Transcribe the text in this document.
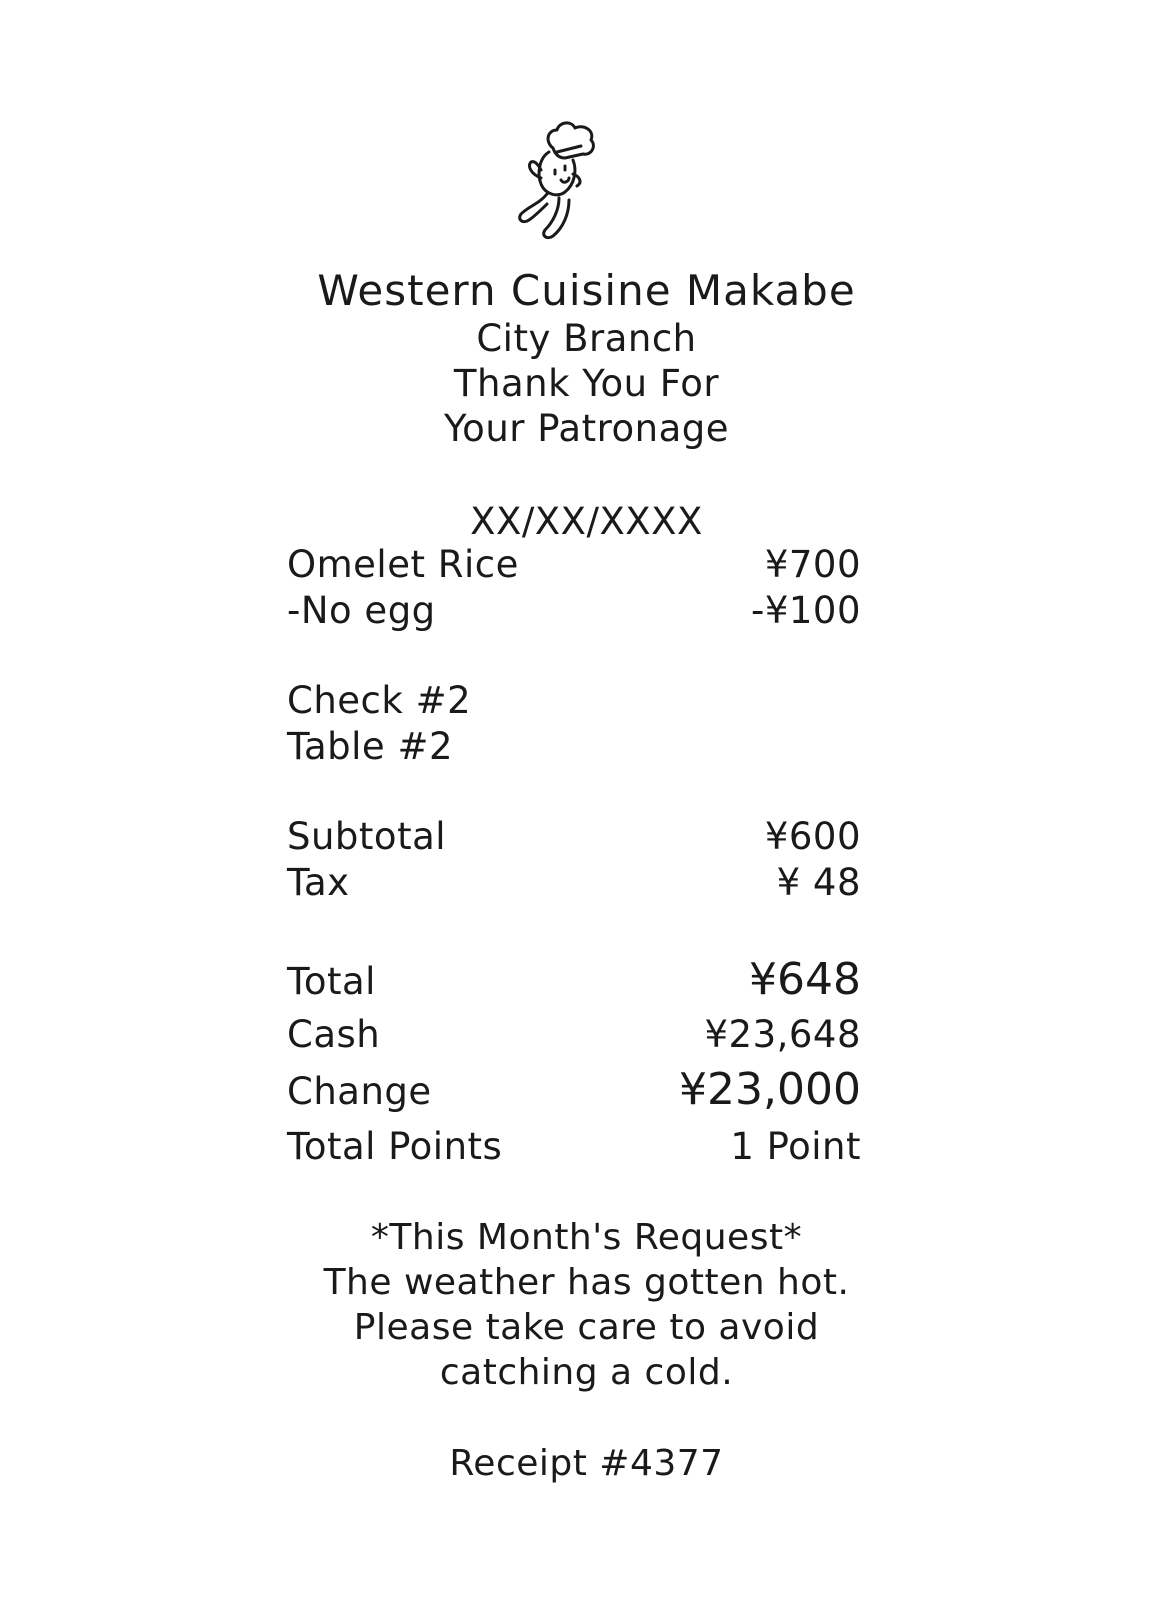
Western Cuisine Makabe
City Branch
Thank You For
Your Patronage
XX/XX/XXXX
Omelet Rice	¥700
-No egg	-¥100
Check #2
Table #2
Subtotal	¥600
Tax	¥ 48
Total	¥648
Cash	¥23,648
Change	¥23,000
Total Points	1 Point
*This Month's Request*
The weather has gotten hot.
Please take care to avoid
catching a cold.
Receipt #4377
